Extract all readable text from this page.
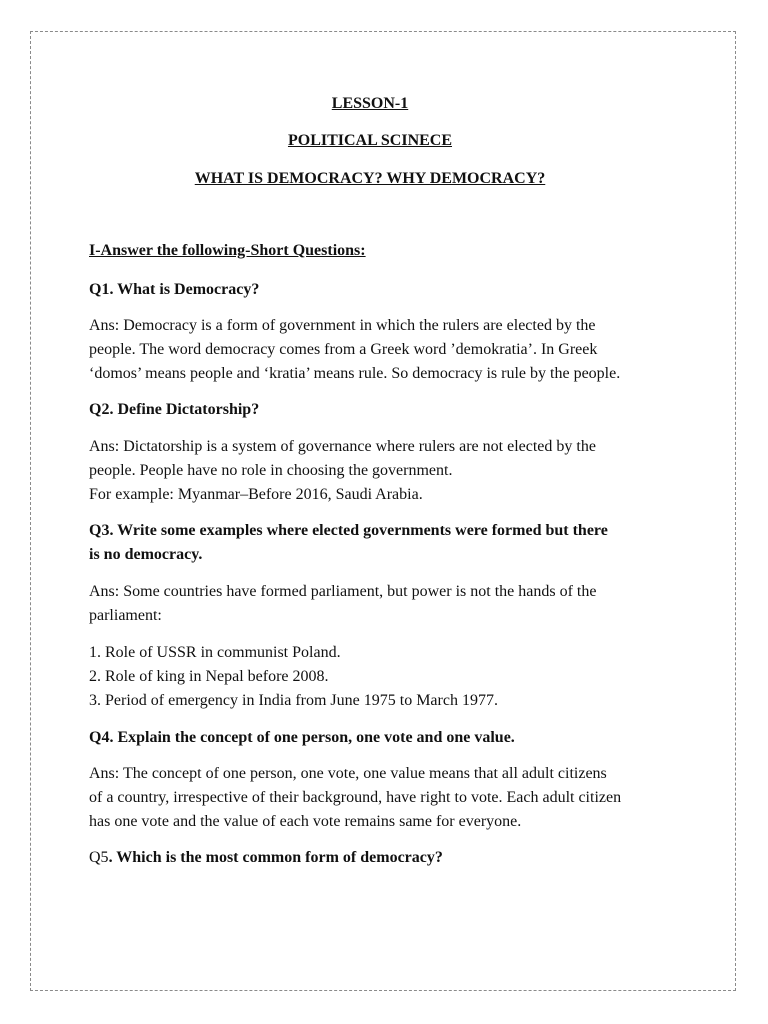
LESSON-1
POLITICAL SCINECE
WHAT IS DEMOCRACY? WHY DEMOCRACY?
I-Answer the following-Short Questions:
Q1. What is Democracy?

Ans: Democracy is a form of government in which the rulers are elected by the

people. The word democracy comes from a Greek word ’demokratia’. In Greek

‘domos’ means people and ‘kratia’ means rule. So democracy is rule by the people.

Q2. Define Dictatorship?

Ans: Dictatorship is a system of governance where rulers are not elected by the

people. People have no role in choosing the government.

For example: Myanmar–Before 2016, Saudi Arabia.

Q3. Write some examples where elected governments were formed but there

is no democracy.

Ans: Some countries have formed parliament, but power is not the hands of the

parliament:

1. Role of USSR in communist Poland.

2. Role of king in Nepal before 2008.

3. Period of emergency in India from June 1975 to March 1977.

Q4. Explain the concept of one person, one vote and one value.

Ans: The concept of one person, one vote, one value means that all adult citizens

of a country, irrespective of their background, have right to vote. Each adult citizen

has one vote and the value of each vote remains same for everyone.

Q5. Which is the most common form of democracy?
